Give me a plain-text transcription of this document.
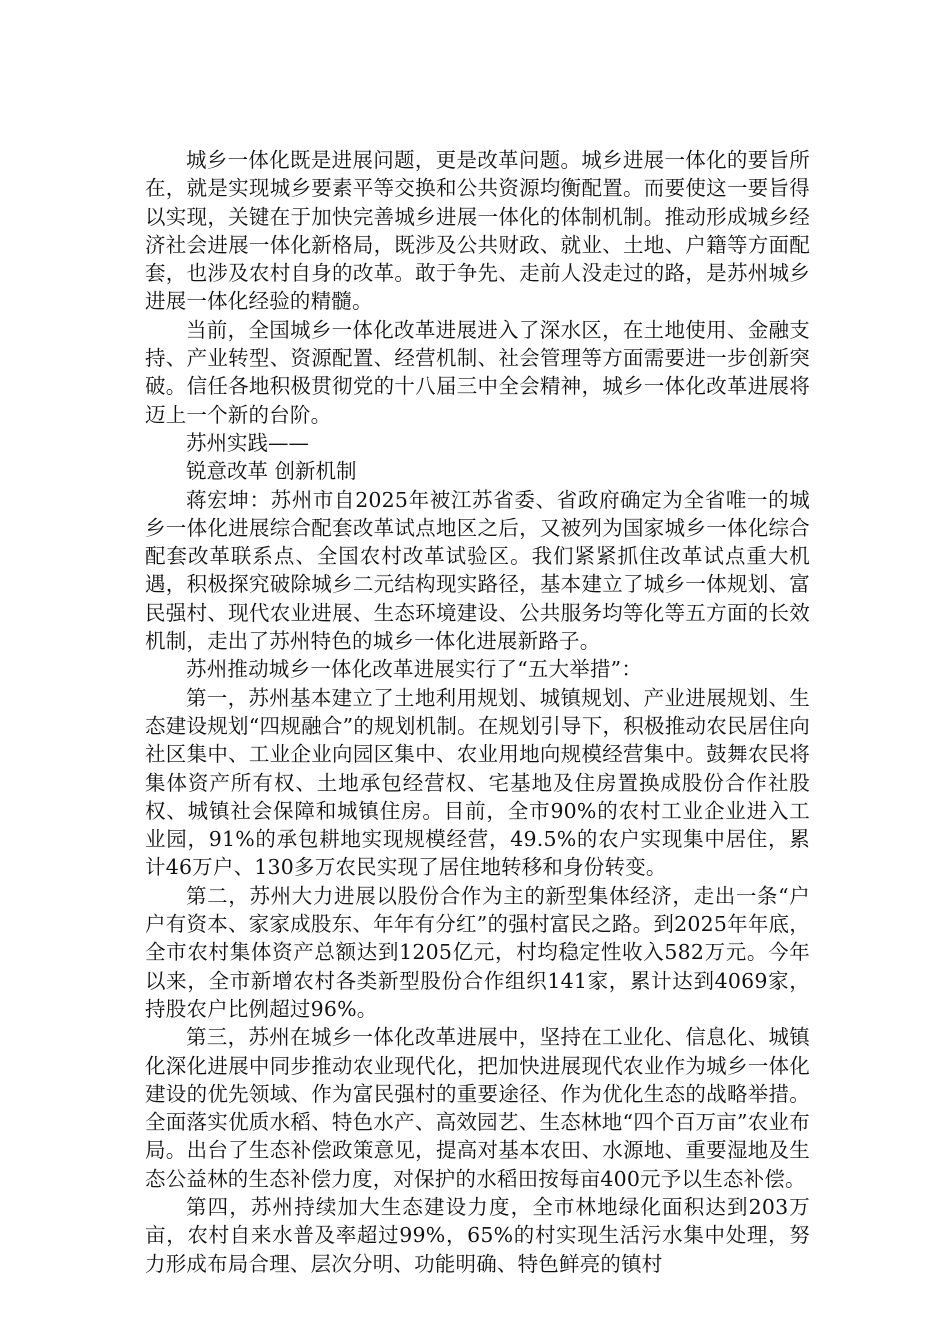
城乡一体化既是进展问题，更是改革问题。城乡进展一体化的要旨所在，就是实现城乡要素平等交换和公共资源均衡配置。而要使这一要旨得以实现，关键在于加快完善城乡进展一体化的体制机制。推动形成城乡经济社会进展一体化新格局，既涉及公共财政、就业、土地、户籍等方面配套，也涉及农村自身的改革。敢于争先、走前人没走过的路，是苏州城乡进展一体化经验的精髓。

当前，全国城乡一体化改革进展进入了深水区，在土地使用、金融支持、产业转型、资源配置、经营机制、社会管理等方面需要进一步创新突破。信任各地积极贯彻党的十八届三中全会精神，城乡一体化改革进展将迈上一个新的台阶。

苏州实践——

锐意改革 创新机制

蒋宏坤：苏州市自2025年被江苏省委、省政府确定为全省唯一的城乡一体化进展综合配套改革试点地区之后，又被列为国家城乡一体化综合配套改革联系点、全国农村改革试验区。我们紧紧抓住改革试点重大机遇，积极探究破除城乡二元结构现实路径，基本建立了城乡一体规划、富民强村、现代农业进展、生态环境建设、公共服务均等化等五方面的长效机制，走出了苏州特色的城乡一体化进展新路子。

苏州推动城乡一体化改革进展实行了“五大举措”：

第一，苏州基本建立了土地利用规划、城镇规划、产业进展规划、生态建设规划“四规融合”的规划机制。在规划引导下，积极推动农民居住向社区集中、工业企业向园区集中、农业用地向规模经营集中。鼓舞农民将集体资产所有权、土地承包经营权、宅基地及住房置换成股份合作社股权、城镇社会保障和城镇住房。目前，全市90%的农村工业企业进入工业园，91%的承包耕地实现规模经营，49.5%的农户实现集中居住，累计46万户、130多万农民实现了居住地转移和身份转变。

第二，苏州大力进展以股份合作为主的新型集体经济，走出一条“户户有资本、家家成股东、年年有分红”的强村富民之路。到2025年年底，全市农村集体资产总额达到1205亿元，村均稳定性收入582万元。今年以来，全市新增农村各类新型股份合作组织141家，累计达到4069家，持股农户比例超过96%。

第三，苏州在城乡一体化改革进展中，坚持在工业化、信息化、城镇化深化进展中同步推动农业现代化，把加快进展现代农业作为城乡一体化建设的优先领域、作为富民强村的重要途径、作为优化生态的战略举措。全面落实优质水稻、特色水产、高效园艺、生态林地“四个百万亩”农业布局。出台了生态补偿政策意见，提高对基本农田、水源地、重要湿地及生态公益林的生态补偿力度，对保护的水稻田按每亩400元予以生态补偿。

第四，苏州持续加大生态建设力度，全市林地绿化面积达到203万亩，农村自来水普及率超过99%，65%的村实现生活污水集中处理，努力形成布局合理、层次分明、功能明确、特色鲜亮的镇村
